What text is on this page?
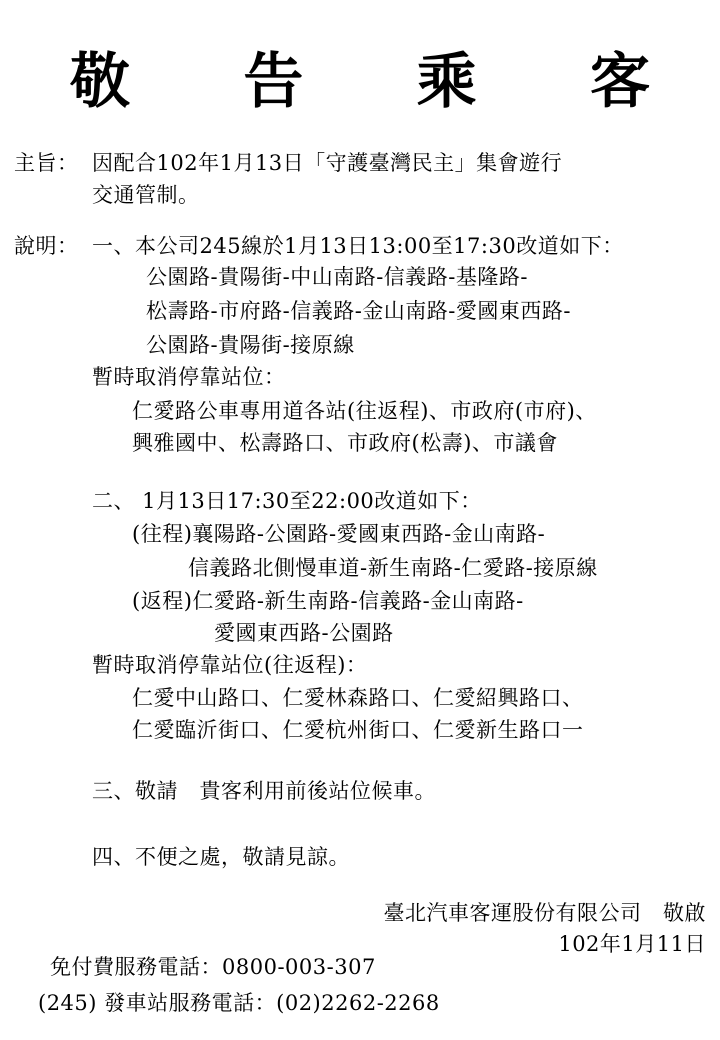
敬 告 乘 客
主旨： 因配合102年1月13日「守護臺灣民主」集會遊行
交通管制。
說明： 一、本公司245線於1月13日13:00至17:30改道如下：
公園路-貴陽街-中山南路-信義路-基隆路-
松壽路-市府路-信義路-金山南路-愛國東西路-
公園路-貴陽街-接原線
暫時取消停靠站位：
仁愛路公車專用道各站(往返程)、市政府(市府)、
興雅國中、松壽路口、市政府(松壽)、市議會
二、 1月13日17:30至22:00改道如下：
(往程)襄陽路-公園路-愛國東西路-金山南路-
信義路北側慢車道-新生南路-仁愛路-接原線
(返程)仁愛路-新生南路-信義路-金山南路-
愛國東西路-公園路
暫時取消停靠站位(往返程)：
仁愛中山路口、仁愛林森路口、仁愛紹興路口、
仁愛臨沂街口、仁愛杭州街口、仁愛新生路口一
三、敬請　貴客利用前後站位候車。
四、不便之處，敬請見諒。
臺北汽車客運股份有限公司　敬啟
102年1月11日
免付費服務電話：0800-003-307
(245) 發車站服務電話：(02)2262-2268
